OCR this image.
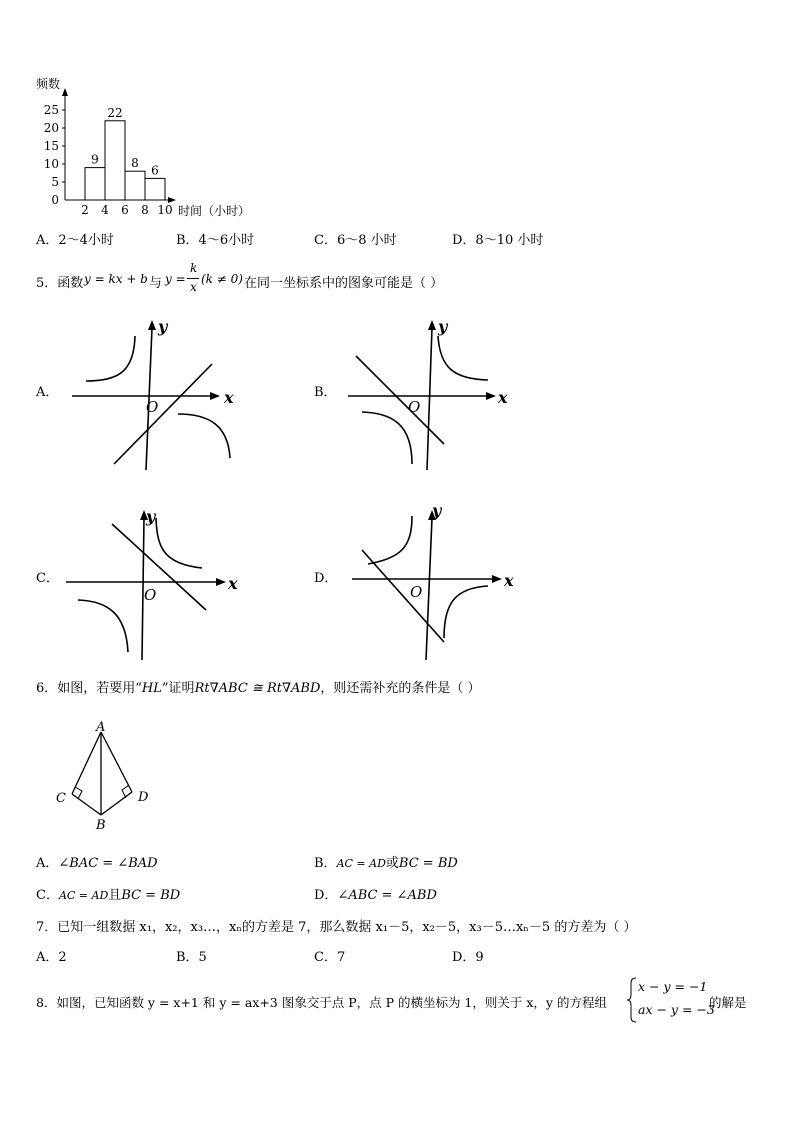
频数
0
5
10
15
20
25
9
22
8
6
2 4 6 8 10 时间（小时）
A．2～4小时	B．4～6小时	C．6～8 小时	D．8～10 小时
5．函数 y = kx + b 与 y =
k
x
(k ≠ 0) 在同一坐标系中的图象可能是（ ）
A．	B．
C．	D．
x
y
O	x
y
O
x
y
O
x
y
O
6．如图，若要用“HL”证明Rt∇ABC ≅ Rt∇ABD，则还需补充的条件是（ ）
A
B
C	D
A．∠BAC = ∠BAD	B．AC = AD或BC = BD
C．AC = AD且BC = BD	D．∠ABC = ∠ABD
7．已知一组数据 x₁，x₂，x₃…，xₙ的方差是 7，那么数据 x₁－5，x₂－5，x₃－5…xₙ－5 的方差为（ ）
A．2	B．5	C．7	D．9
8．如图，已知函数 y = x+1 和 y = ax+3 图象交于点 P，点 P 的横坐标为 1，则关于 x，y 的方程组
x − y = −1
ax − y = −3
的解是
